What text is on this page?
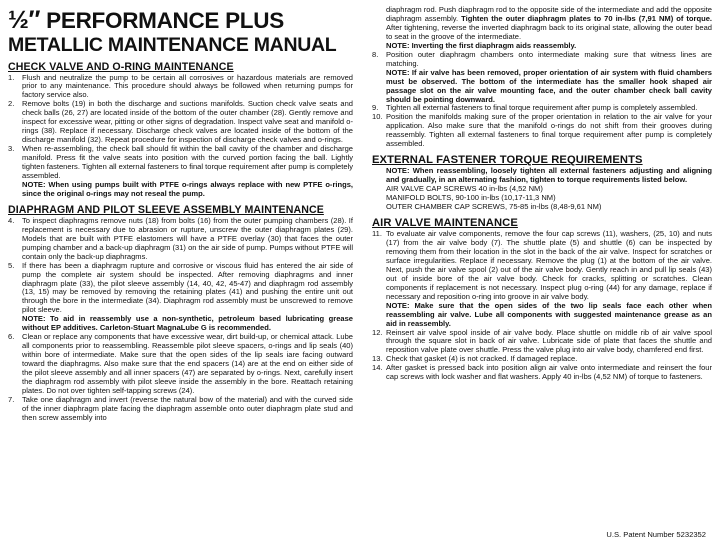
½″ PERFORMANCE PLUS
METALLIC MAINTENANCE MANUAL
CHECK VALVE AND O-RING MAINTENANCE
1.	Flush and neutralize the pump to be certain all corrosives or hazardous materials are removed prior to any maintenance. This procedure should always be followed when returning pumps for factory service also.
2.	Remove bolts (19) in both the discharge and suctions manifolds. Suction check valve seats and check balls (26, 27) are located inside of the bottom of the outer chamber (28). Gently remove and inspect for excessive wear, pitting or other signs of degradation. Inspect valve seat and manifold o-rings (38). Replace if necessary. Discharge check valves are located inside of the bottom of the discharge manifold (32). Repeat procedure for inspection of discharge check valves and o-rings.
3.	When re-assembling, the check ball should fit within the ball cavity of the chamber and discharge manifold. Press fit the valve seats into position with the curved portion facing the ball. Lightly tighten fasteners. Tighten all external fasteners to final torque requirement after pump is completely assembled.
NOTE: When using pumps built with PTFE o-rings always replace with new PTFE o-rings, since the original o-rings may not reseal the pump.
DIAPHRAGM AND PILOT SLEEVE ASSEMBLY MAINTENANCE
4.	To inspect diaphragms remove nuts (18) from bolts (16) from the outer pumping chambers (28). If replacement is necessary due to abrasion or rupture, unscrew the outer diaphragm plates (29). Models that are built with PTFE elastomers will have a PTFE overlay (30) that faces the outer pumping chamber and a back-up diaphragm (31) on the air side of pump. Pumps without PTFE will contain only the back-up diaphragms.
5.	If there has been a diaphragm rupture and corrosive or viscous fluid has entered the air side of pump the complete air system should be inspected. After removing diaphragms and inner diaphragm plate (33), the pilot sleeve assembly (14, 40, 42, 45-47) and diaphragm rod assembly (13, 15) may be removed by removing the retaining plates (41) and pushing the entire unit out through the bore in the intermediate (34). Diaphragm rod assembly must be unscrewed to remove pilot sleeve.
NOTE: To aid in reassembly use a non-synthetic, petroleum based lubricating grease without EP additives. Carleton-Stuart MagnaLube G is recommended.
6.	Clean or replace any components that have excessive wear, dirt build-up, or chemical attack. Lube all components prior to reassembling. Reassemble pilot sleeve spacers, o-rings and lip seals (40) within bore of intermediate. Make sure that the open sides of the lip seals iare facing outward toward the diaphragms. Also make sure that the end spacers (14) are at the end on either side of the pilot sleeve assembly and all inner spacers (47) are separated by o-rings. Next, carefully insert the diaphragm rod assembly with pilot sleeve inside the assembly in the bore. Reattach retaining plates. Do not over tighten self-tapping screws (24).
7.	Take one diaphragm and invert (reverse the natural bow of the material) and with the curved side of the inner diaphragm plate facing the diaphragm assemble onto outer diaphragm plate stud and then screw assembly into
diaphragm rod. Push diaphragm rod to the opposite side of the intermediate and add the opposite diaphragm assembly. Tighten the outer diaphragm plates to 70 in-lbs (7,91 NM) of torque. After tightening, reverse the inverted diaphragm back to its original state, allowing the outer bead to seat in the groove of the intermediate.
NOTE: Inverting the first diaphragm aids reassembly.
8.	Position outer diaphragm chambers onto intermediate making sure that witness lines are matching.
NOTE: If air valve has been removed, proper orientation of air system with fluid chambers must be observed. The bottom of the intermediate has the smaller hook shaped air passage slot on the air valve mounting face, and the outer chamber check ball cavity should be pointing downward.
9.	Tighten all external fasteners to final torque requirement after pump is completely assembled.
10. Position the manifolds making sure of the proper orientation in relation to the air valve for your application. Also make sure that the manifold o-rings do not shift from their grooves during reassembly. Tighten all external fasteners to final torque requirement after pump is completely assembled.
EXTERNAL FASTENER TORQUE REQUIREMENTS
NOTE: When reassembling, loosely tighten all external fasteners adjusting and aligning and gradually, in an alternating fashion, tighten to torque requirements listed below.
AIR VALVE CAP SCREWS 40 in-lbs (4,52 NM)
MANIFOLD BOLTS, 90-100 in-lbs (10,17-11,3 NM)
OUTER CHAMBER CAP SCREWS, 75-85 in-lbs (8,48-9,61 NM)
AIR VALVE MAINTENANCE
11. To evaluate air valve components, remove the four cap screws (11), washers, (25, 10) and nuts (17) from the air valve body (7). The shuttle plate (5) and shuttle (6) can be inspected by removing them from their location in the slot in the back of the air valve. Inspect for scratches or surface irregularities. Replace if necessary. Remove the plug (1) at the bottom of the air valve. Next, push the air valve spool (2) out of the air valve body. Gently reach in and pull lip seals (43) out of inside bore of the air valve body. Check for cracks, splitting or scratches. Clean components if replacement is not necessary. Inspect plug o-ring (44) for any damage, replace if necessary and reposition o-ring into groove in air valve body.
NOTE: Make sure that the open sides of the two lip seals face each other when reassembling air valve. Lube all components with suggested maintenance grease as an aid in reassembly.
12. Reinsert air valve spool inside of air valve body. Place shuttle on middle rib of air valve spool through the square slot in back of air valve. Lubricate side of plate that faces the shuttle and reposition valve plate over shuttle. Press the valve plug into air valve body, chamfered end first.
13. Check that gasket (4) is not cracked. If damaged replace.
14. After gasket is pressed back into position align air valve onto intermediate and reinsert the four cap screws with lock washer and flat washers. Apply 40 in-lbs (4,52 NM) of torque to fasteners.
U.S. Patent Number 5232352
